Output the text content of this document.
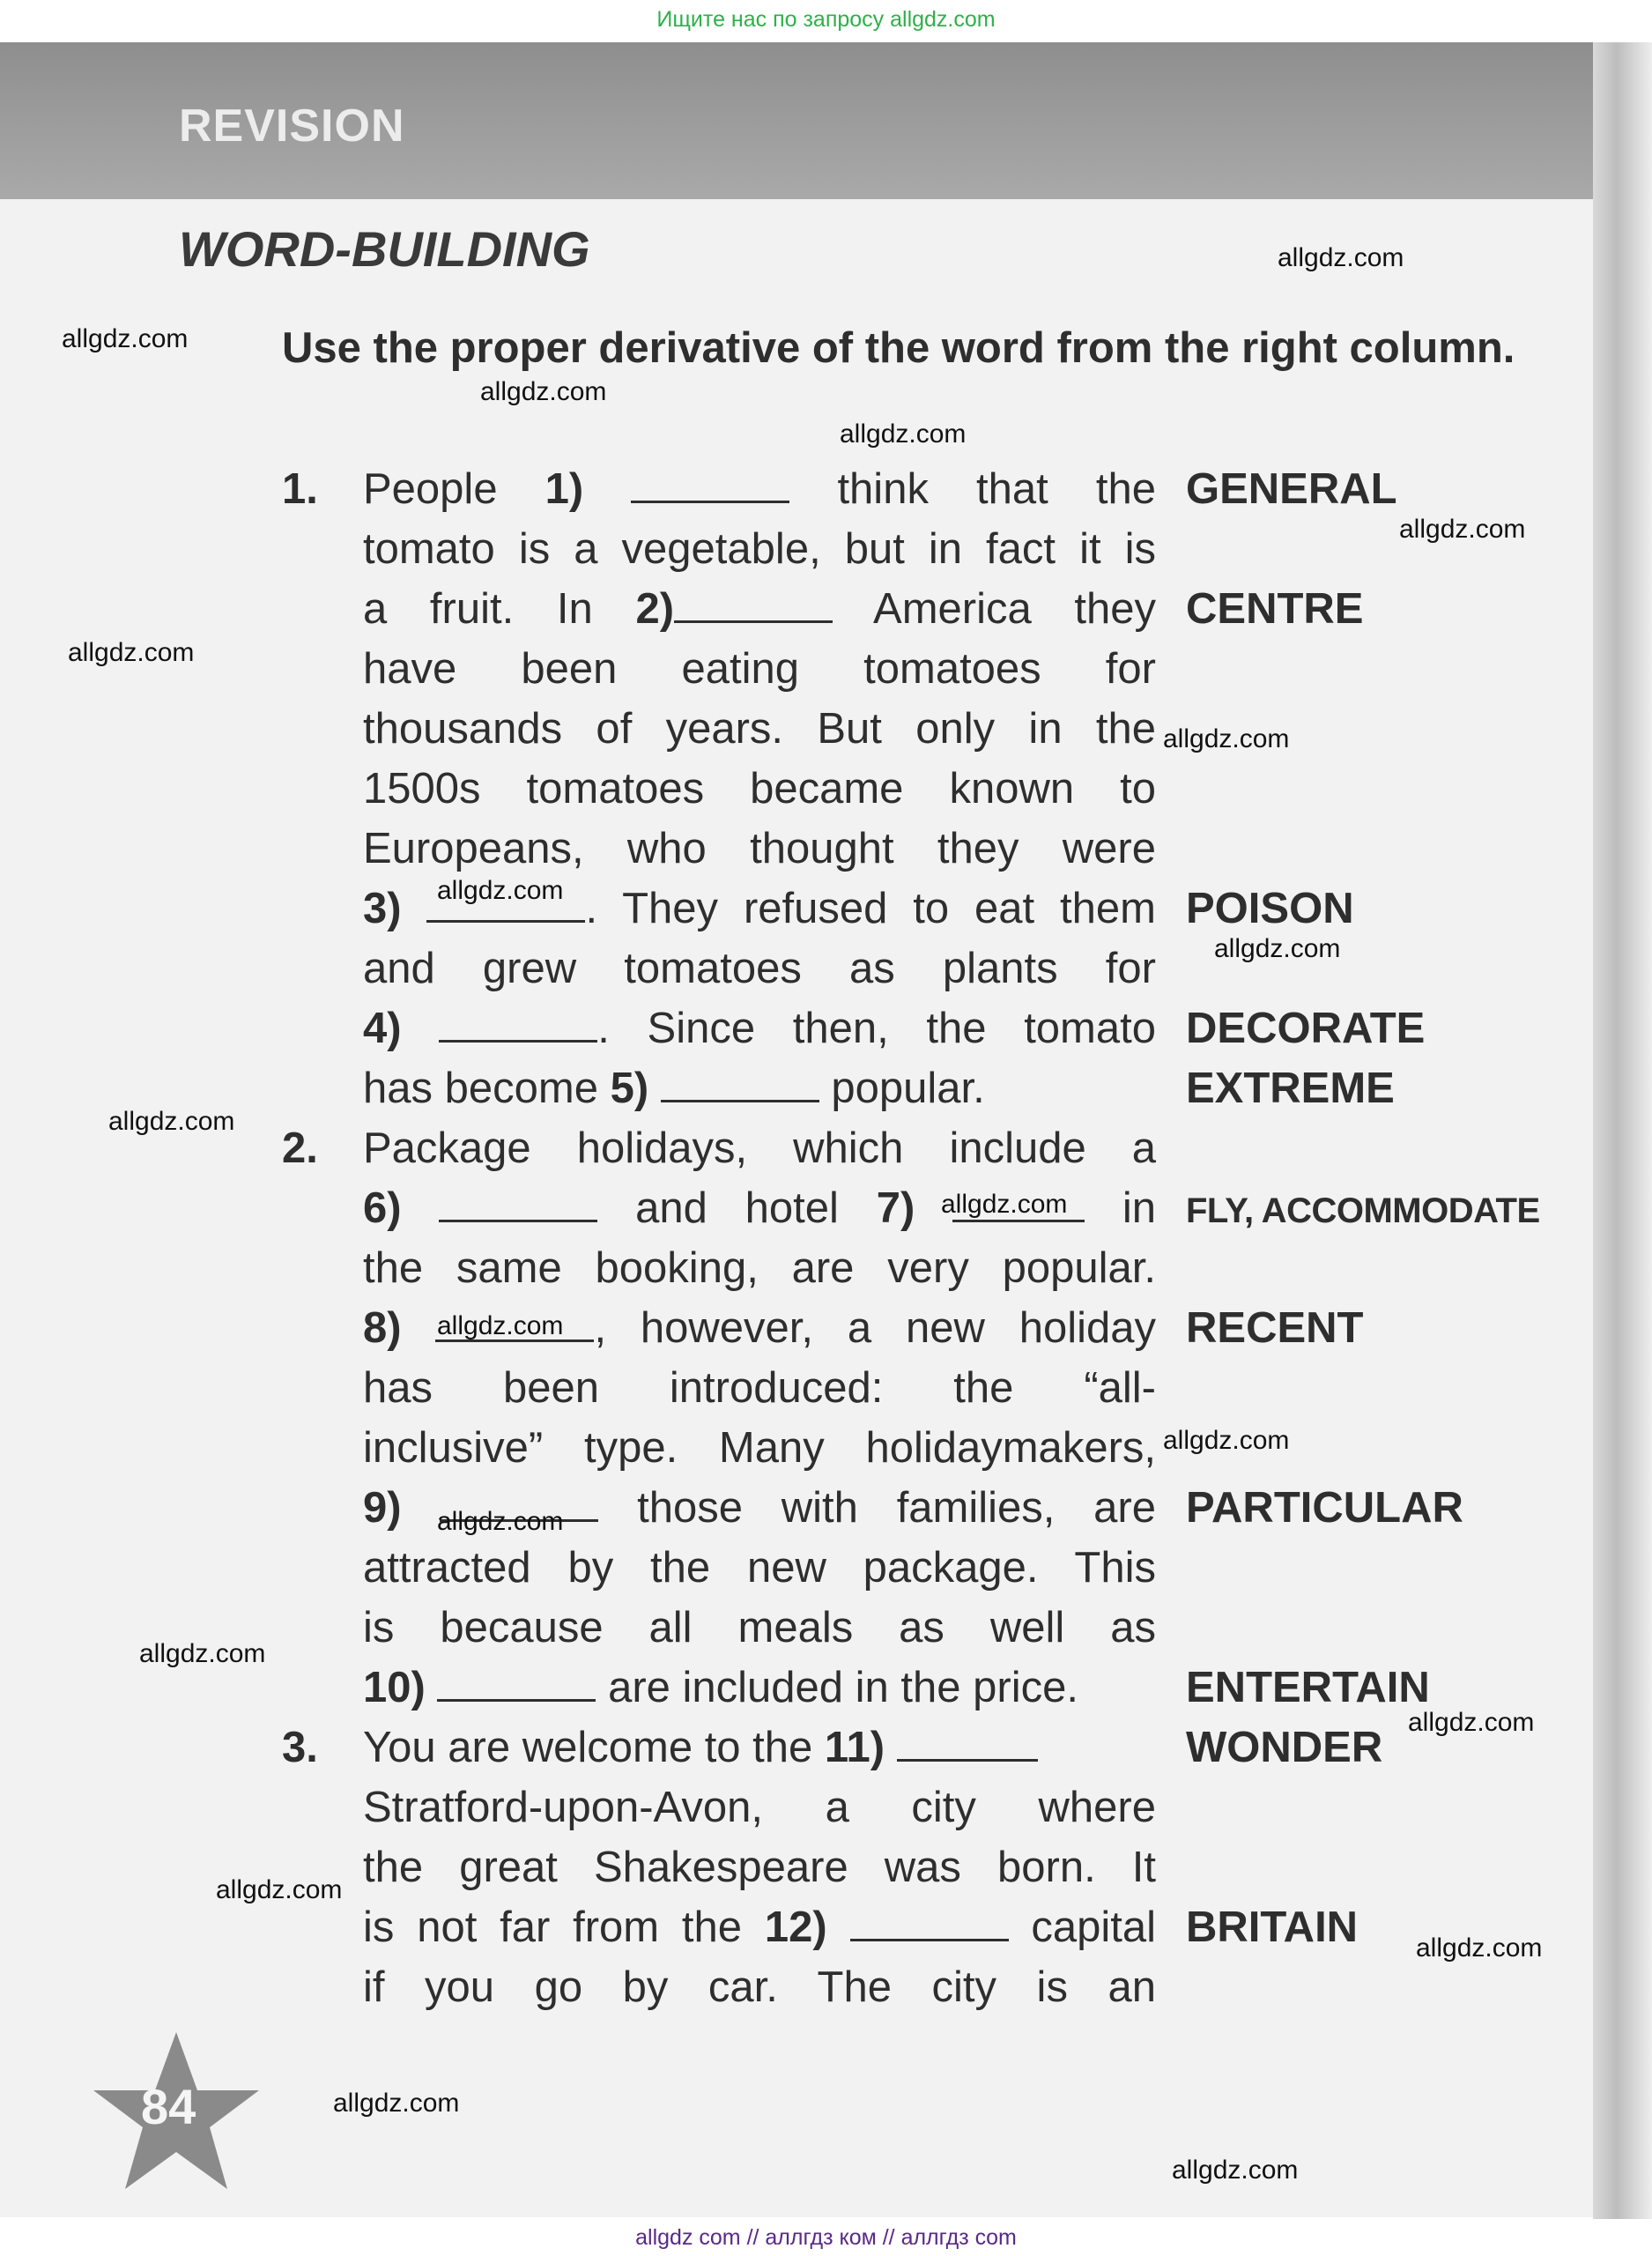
Ищите нас по запросу allgdz.com
REVISION
WORD-BUILDING
Use the proper derivative of the word from the right column.
1. People 1)	think that the GENERAL
tomato is a vegetable, but in fact it is
a fruit. In 2)	America they CENTRE
have been eating tomatoes for
thousands of years. But only in the
1500s tomatoes became known to
Europeans, who thought they were
3)	. They refused to eat them POISON
and grew tomatoes as plants for
4)	. Since then, the tomato DECORATE
has become 5)	popular.	EXTREME
2. Package holidays, which include a
6)	and hotel 7)	in FLY, ACCOMMODATE
the same booking, are very popular.
8)	, however, a new holiday RECENT
has been introduced: the “all-
inclusive” type. Many holidaymakers,
9)	those with families, are PARTICULAR
attracted by the new package. This
is because all meals as well as
10)	are included in the price.	ENTERTAIN
3. You are welcome to the 11)	WONDER
Stratford-upon-Avon, a city where
the great Shakespeare was born. It
is not far from the 12)	capital BRITAIN
if you go by car. The city is an
allgdz.com
allgdz.com
allgdz.com
allgdz.com
allgdz.com
allgdz.com
allgdz.com
allgdz.com
allgdz.com
allgdz.com
allgdz.com
allgdz.com
allgdz.com
allgdz.com
allgdz.com
allgdz.com
allgdz.com
allgdz.com
allgdz.com
allgdz.com
84
allgdz com // аллгдз ком // аллгдз com
